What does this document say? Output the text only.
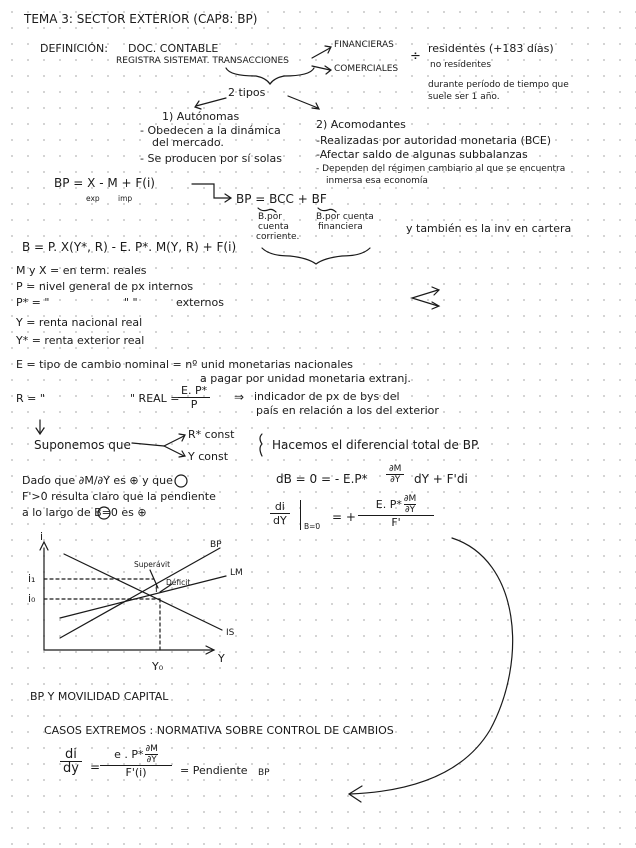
TEMA 3: SECTOR EXTERIOR (CAP8: BP)
DEFINICIÓN: DOC. CONTABLE
REGISTRA SISTEMAT. TRANSACCIONES
FINANCIERAS
COMERCIALES
÷
residentes (+183 días)
no residentes
durante período de tiempo que
suele ser 1 año.
2 tipos
1) Autónomas
- Obedecen a la dinámica
del mercado.
- Se producen por sí solas
2) Acomodantes
-Realizadas por autoridad monetaria (BCE)
-Afectar saldo de algunas subbalanzas
- Dependen del régimen cambiario al que se encuentra
inmersa esa economía
BP = X - M + F(i)
exp imp	BP = BCC + BF
B.por
cuenta
corriente.
B.por cuenta
financiera	y también es la inv en cartera
B = P. X(Y*, R) - E. P*. M(Y, R) + F(i)
M y X = en term. reales
P = nivel general de px internos
P* = "	" "	externos
Y = renta nacional real
Y* = renta exterior real
E = tipo de cambio nominal = nº unid monetarias nacionales
a pagar por unidad monetaria extranj.
R = "	" REAL =
E. P*
P
⇒ indicador de px de bys del
país en relación a los del exterior
Suponemos que
R* const
Y const
Hacemos el diferencial total de BP.
Dado que ∂M/∂Y es ⊕ y que
F'>0 resulta claro que la pendiente
a lo largo de B=0 es ⊕
dB = 0 = - E.P*
∂M
∂Y dY + F'di
di
dY	B=0
= +
E. P* ∂M
∂Y
F'
i
Y
i₁
i₀
Y₀
BP
LM
IS
Superávit
Déficit
I
BP Y MOVILIDAD CAPITAL
CASOS EXTREMOS : NORMATIVA SOBRE CONTROL DE CAMBIOS
di
dy =
e . P* ∂M
∂Y
F'(i)	= Pendiente BP
